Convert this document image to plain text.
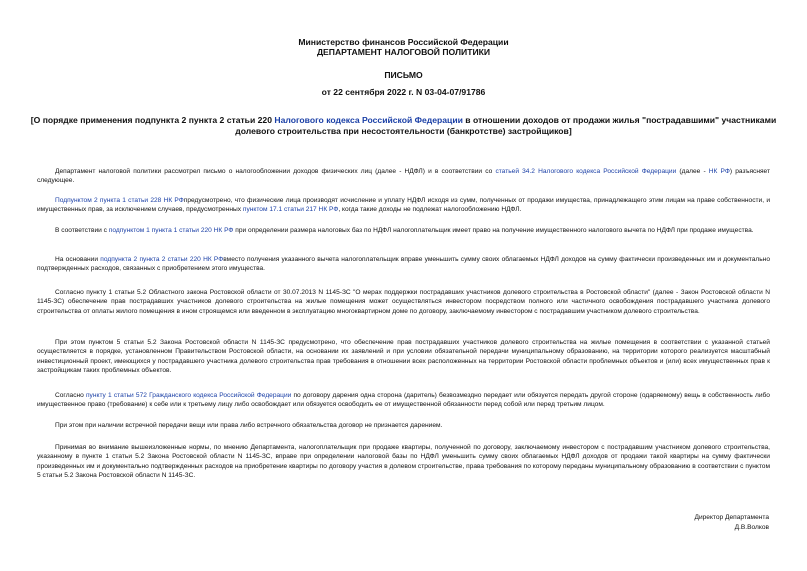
Министерство финансов Российской Федерации
ДЕПАРТАМЕНТ НАЛОГОВОЙ ПОЛИТИКИ
ПИСЬМО
от 22 сентября 2022 г. N 03-04-07/91786
[О порядке применения подпункта 2 пункта 2 статьи 220 Налогового кодекса Российской Федерации в отношении доходов от продажи жилья "пострадавшими" участниками долевого строительства при несостоятельности (банкротстве) застройщиков]
Департамент налоговой политики рассмотрел письмо о налогообложении доходов физических лиц (далее - НДФЛ) и в соответствии со статьей 34.2 Налогового кодекса Российской Федерации (далее - НК РФ) разъясняет следующее.
Подпунктом 2 пункта 1 статьи 228 НК РФпредусмотрено, что физические лица производят исчисление и уплату НДФЛ исходя из сумм, полученных от продажи имущества, принадлежащего этим лицам на праве собственности, и имущественных прав, за исключением случаев, предусмотренных пунктом 17.1 статьи 217 НК РФ, когда такие доходы не подлежат налогообложению НДФЛ.
В соответствии с подпунктом 1 пункта 1 статьи 220 НК РФ при определении размера налоговых баз по НДФЛ налогоплательщик имеет право на получение имущественного налогового вычета по НДФЛ при продаже имущества.
На основании подпункта 2 пункта 2 статьи 220 НК РФвместо получения указанного вычета налогоплательщик вправе уменьшить сумму своих облагаемых НДФЛ доходов на сумму фактически произведенных им и документально подтвержденных расходов, связанных с приобретением этого имущества.
Согласно пункту 1 статьи 5.2 Областного закона Ростовской области от 30.07.2013 N 1145-ЗС "О мерах поддержки пострадавших участников долевого строительства в Ростовской области" (далее - Закон Ростовской области N 1145-ЗС) обеспечение прав пострадавших участников долевого строительства на жилые помещения может осуществляться инвестором посредством полного или частичного освобождения пострадавшего участника долевого строительства от оплаты жилого помещения в ином строящемся или введенном в эксплуатацию многоквартирном доме по договору, заключаемому инвестором с пострадавшим участником долевого строительства.
При этом пунктом 5 статьи 5.2 Закона Ростовской области N 1145-ЗС предусмотрено, что обеспечение прав пострадавших участников долевого строительства на жилые помещения в соответствии с указанной статьей осуществляется в порядке, установленном Правительством Ростовской области, на основании их заявлений и при условии обязательной передачи муниципальному образованию, на территории которого реализуется масштабный инвестиционный проект, имеющихся у пострадавшего участника долевого строительства прав требования в отношении всех расположенных на территории Ростовской области проблемных объектов и (или) всех имущественных прав к застройщикам таких проблемных объектов.
Согласно пункту 1 статьи 572 Гражданского кодекса Российской Федерации по договору дарения одна сторона (даритель) безвозмездно передает или обязуется передать другой стороне (одаряемому) вещь в собственность либо имущественное право (требование) к себе или к третьему лицу либо освобождает или обязуется освободить ее от имущественной обязанности перед собой или перед третьим лицом.
При этом при наличии встречной передачи вещи или права либо встречного обязательства договор не признается дарением.
Принимая во внимание вышеизложенные нормы, по мнению Департамента, налогоплательщик при продаже квартиры, полученной по договору, заключаемому инвестором с пострадавшим участником долевого строительства, указанному в пункте 1 статьи 5.2 Закона Ростовской области N 1145-ЗС, вправе при определении налоговой базы по НДФЛ уменьшить сумму своих облагаемых НДФЛ доходов от продажи такой квартиры на сумму фактически произведенных им и документально подтвержденных расходов на приобретение квартиры по договору участия в долевом строительстве, права требования по которому переданы муниципальному образованию в соответствии с пунктом 5 статьи 5.2 Закона Ростовской области N 1145-ЗС.
Директор Департамента
Д.В.Волков
